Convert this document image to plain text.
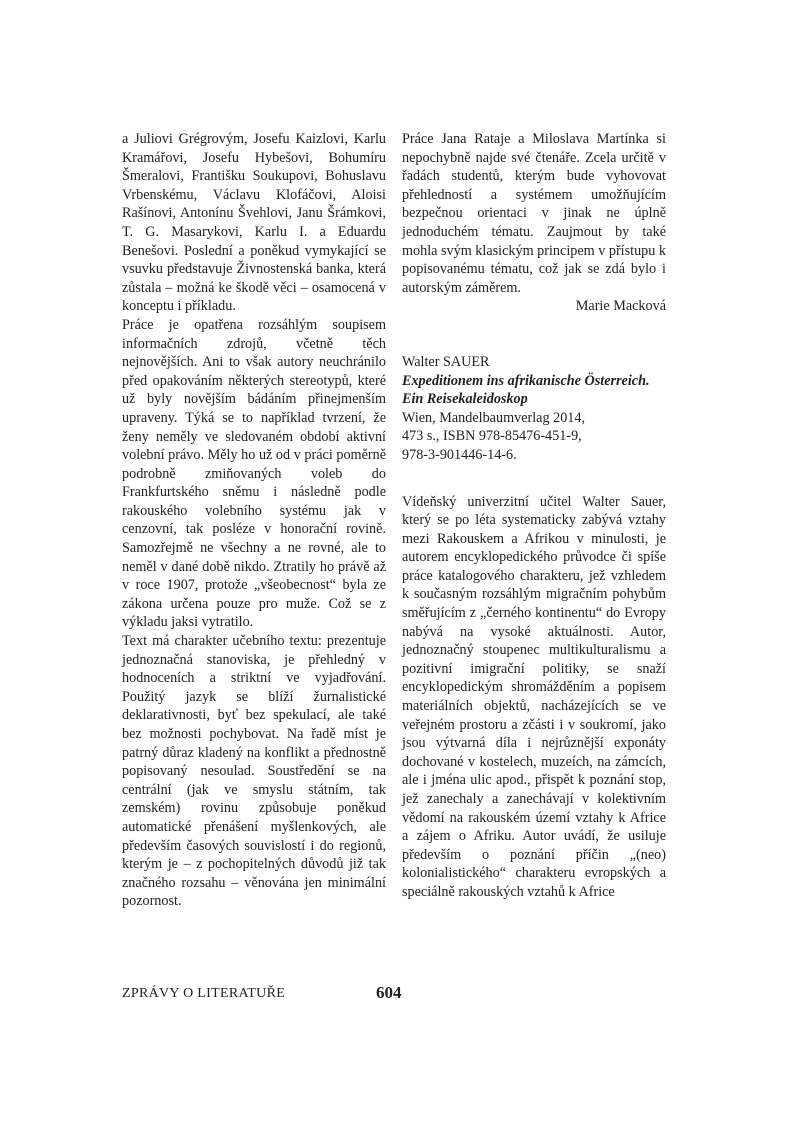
a Juliovi Grégrovým, Josefu Kaizlovi, Karlu Kramářovi, Josefu Hybešovi, Bohumíru Šmeralovi, Františku Soukupovi, Bohuslavu Vrbenskému, Václavu Klofáčovi, Aloisi Rašínovi, Antonínu Švehlovi, Janu Šrámkovi, T. G. Masarykovi, Karlu I. a Eduardu Benešovi. Poslední a poněkud vymykající se vsuvku představuje Živnostenská banka, která zůstala – možná ke škodě věci – osamocená v konceptu i příkladu.

Práce je opatřena rozsáhlým soupisem informačních zdrojů, včetně těch nejnovějších. Ani to však autory neuchránilo před opakováním některých stereotypů, které už byly novějším bádáním přinejmenším upraveny. Týká se to například tvrzení, že ženy neměly ve sledovaném období aktivní volební právo. Měly ho už od v práci poměrně podrobně zmiňovaných voleb do Frankfurtského sněmu i následně podle rakouského volebního systému jak v cenzovní, tak posléze v honorační rovině. Samozřejmě ne všechny a ne rovné, ale to neměl v dané době nikdo. Ztratily ho právě až v roce 1907, protože „všeobecnost“ byla ze zákona určena pouze pro muže. Což se z výkladu jaksi vytratilo.

Text má charakter učebního textu: prezentuje jednoznačná stanoviska, je přehledný v hodnoceních a striktní ve vyjadřování. Použitý jazyk se blíží žurnalistické deklarativnosti, byť bez spekulací, ale také bez možnosti pochybovat. Na řadě míst je patrný důraz kladený na konflikt a přednostně popisovaný nesoulad. Soustředění se na centrální (jak ve smyslu státním, tak zemském) rovinu způsobuje poněkud automatické přenášení myšlenkových, ale především časových souvislostí i do regionů, kterým je – z pochopitelných důvodů již tak značného rozsahu – věnována jen minimální pozornost.

Práce Jana Rataje a Miloslava Martínka si nepochybně najde své čtenáře. Zcela určitě v řadách studentů, kterým bude vyhovovat přehledností a systémem umožňujícím bezpečnou orientaci v jinak ne úplně jednoduchém tématu. Zaujmout by také mohla svým klasickým principem v přístupu k popisovanému tématu, což jak se zdá bylo i autorským záměrem.

Marie Macková

Walter SAUER

Expeditionem ins afrikanische Österreich. Ein Reisekaleidoskop

Wien, Mandelbaumverlag 2014,

473 s., ISBN 978-85476-451-9,

978-3-901446-14-6.

Vídeňský univerzitní učitel Walter Sauer, který se po léta systematicky zabývá vztahy mezi Rakouskem a Afrikou v minulosti, je autorem encyklopedického průvodce či spíše práce katalogového charakteru, jež vzhledem k současným rozsáhlým migračním pohybům směřujícím z „černého kontinentu“ do Evropy nabývá na vysoké aktuálnosti. Autor, jednoznačný stoupenec multikulturalismu a pozitivní imigrační politiky, se snaží encyklopedickým shromážděním a popisem materiálních objektů, nacházejících se ve veřejném prostoru a zčásti i v soukromí, jako jsou výtvarná díla i nejrůznější exponáty dochované v kostelech, muzeích, na zámcích, ale i jména ulic apod., přispět k poznání stop, jež zanechaly a zanechávají v kolektivním vědomí na rakouském území vztahy k Africe a zájem o Afriku. Autor uvádí, že usiluje především o poznání příčin „(neo) kolonialistického“ charakteru evropských a speciálně rakouských vztahů k Africe

ZPRÁVY O LITERATUŘE	604
